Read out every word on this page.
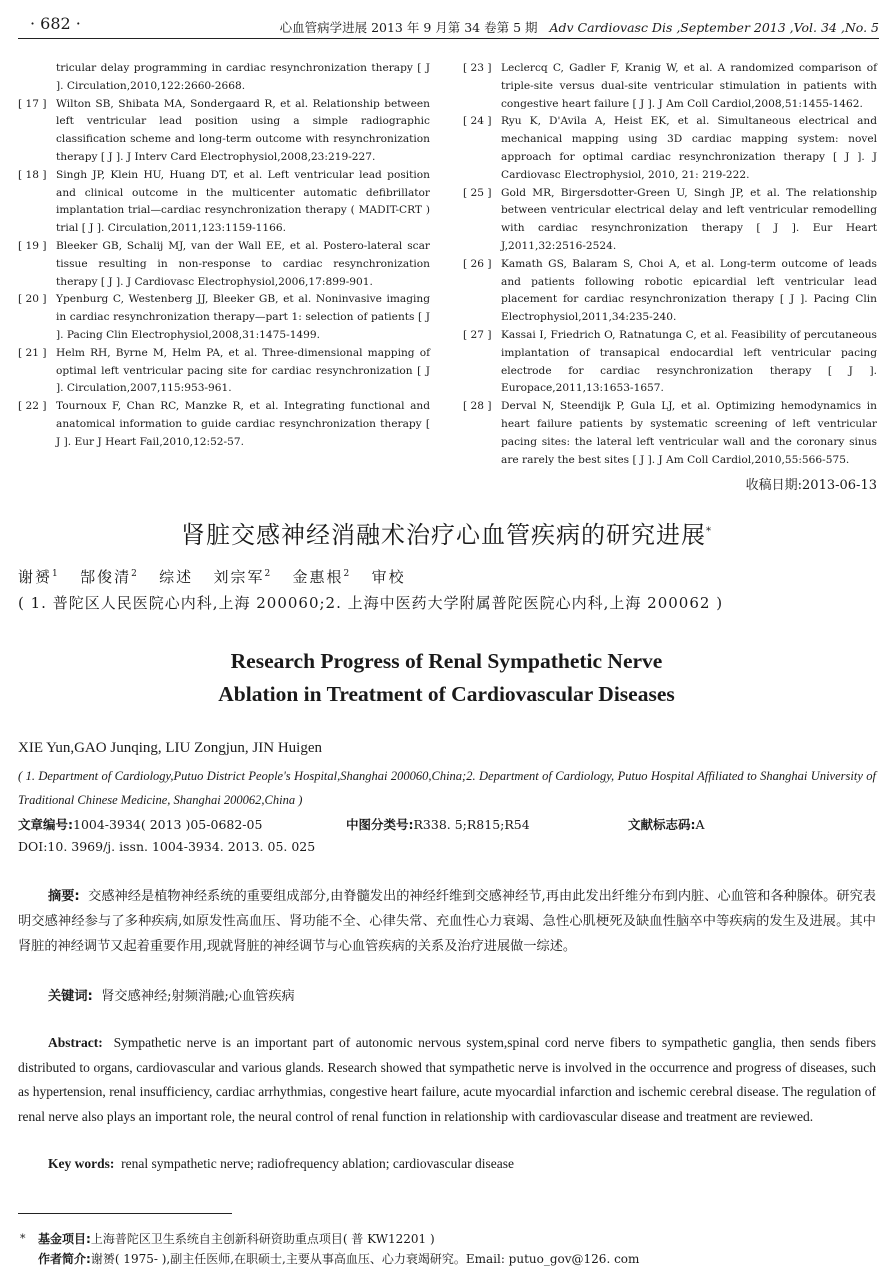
· 682 ·	心血管病学进展 2013 年 9 月第 34 卷第 5 期 Adv Cardiovasc Dis ,September 2013 ,Vol. 34 ,No. 5
tricular delay programming in cardiac resynchronization therapy [ J ]. Circulation,2010,122:2660-2668.
[ 17 ] Wilton SB, Shibata MA, Sondergaard R, et al. Relationship between left ventricular lead position using a simple radiographic classification scheme and long-term outcome with resynchronization therapy [ J ]. J Interv Card Electrophysiol,2008,23:219-227.
[ 18 ] Singh JP, Klein HU, Huang DT, et al. Left ventricular lead position and clinical outcome in the multicenter automatic defibrillator implantation trial—cardiac resynchronization therapy ( MADIT-CRT ) trial [ J ]. Circulation,2011,123:1159-1166.
[ 19 ] Bleeker GB, Schalij MJ, van der Wall EE, et al. Postero-lateral scar tissue resulting in non-response to cardiac resynchronization therapy [ J ]. J Cardiovasc Electrophysiol,2006,17:899-901.
[ 20 ] Ypenburg C, Westenberg JJ, Bleeker GB, et al. Noninvasive imaging in cardiac resynchronization therapy—part 1: selection of patients [ J ]. Pacing Clin Electrophysiol,2008,31:1475-1499.
[ 21 ] Helm RH, Byrne M, Helm PA, et al. Three-dimensional mapping of optimal left ventricular pacing site for cardiac resynchronization [ J ]. Circulation,2007,115:953-961.
[ 22 ] Tournoux F, Chan RC, Manzke R, et al. Integrating functional and anatomical information to guide cardiac resynchronization therapy [ J ]. Eur J Heart Fail,2010,12:52-57.
[ 23 ] Leclercq C, Gadler F, Kranig W, et al. A randomized comparison of triple-site versus dual-site ventricular stimulation in patients with congestive heart failure [ J ]. J Am Coll Cardiol,2008,51:1455-1462.
[ 24 ] Ryu K, D'Avila A, Heist EK, et al. Simultaneous electrical and mechanical mapping using 3D cardiac mapping system: novel approach for optimal cardiac resynchronization therapy [ J ]. J Cardiovasc Electrophysiol, 2010, 21: 219-222.
[ 25 ] Gold MR, Birgersdotter-Green U, Singh JP, et al. The relationship between ventricular electrical delay and left ventricular remodelling with cardiac resynchronization therapy [ J ]. Eur Heart J,2011,32:2516-2524.
[ 26 ] Kamath GS, Balaram S, Choi A, et al. Long-term outcome of leads and patients following robotic epicardial left ventricular lead placement for cardiac resynchronization therapy [ J ]. Pacing Clin Electrophysiol,2011,34:235-240.
[ 27 ] Kassai I, Friedrich O, Ratnatunga C, et al. Feasibility of percutaneous implantation of transapical endocardial left ventricular pacing electrode for cardiac resynchronization therapy [ J ]. Europace,2011,13:1653-1657.
[ 28 ] Derval N, Steendijk P, Gula LJ, et al. Optimizing hemodynamics in heart failure patients by systematic screening of left ventricular pacing sites: the lateral left ventricular wall and the coronary sinus are rarely the best sites [ J ]. J Am Coll Cardiol,2010,55:566-575.
收稿日期:2013-06-13
肾脏交感神经消融术治疗心血管疾病的研究进展*
谢赟$^1$ 郜俊清$^2$ 综述 刘宗军$^2$ 金惠根$^2$ 审校
( 1. 普陀区人民医院心内科,上海 200060;2. 上海中医药大学附属普陀医院心内科,上海 200062 )
Research Progress of Renal Sympathetic Nerve
Ablation in Treatment of Cardiovascular Diseases
XIE Yun,GAO Junqing, LIU Zongjun, JIN Huigen
( 1. Department of Cardiology,Putuo District People's Hospital,Shanghai 200060,China;2. Department of Cardiology, Putuo Hospital Affiliated to Shanghai University of Traditional Chinese Medicine, Shanghai 200062,China )
文章编号:1004-3934( 2013 )05-0682-05	中图分类号:R338. 5;R815;R54	文献标志码:A
DOI:10. 3969/j. issn. 1004-3934. 2013. 05. 025
摘要: 交感神经是植物神经系统的重要组成部分,由脊髓发出的神经纤维到交感神经节,再由此发出纤维分布到内脏、心血管和各种腺体。研究表明交感神经参与了多种疾病,如原发性高血压、肾功能不全、心律失常、充血性心力衰竭、急性心肌梗死及缺血性脑卒中等疾病的发生及进展。其中肾脏的神经调节又起着重要作用,现就肾脏的神经调节与心血管疾病的关系及治疗进展做一综述。
关键词: 肾交感神经;射频消融;心血管疾病
Abstract: Sympathetic nerve is an important part of autonomic nervous system,spinal cord nerve fibers to sympathetic ganglia, then sends fibers distributed to organs, cardiovascular and various glands. Research showed that sympathetic nerve is involved in the occurrence and progress of diseases, such as hypertension, renal insufficiency, cardiac arrhythmias, congestive heart failure, acute myocardial infarction and ischemic cerebral disease. The regulation of renal nerve also plays an important role, the neural control of renal function in relationship with cardiovascular disease and treatment are reviewed.
Key words: renal sympathetic nerve; radiofrequency ablation; cardiovascular disease
* 基金项目:上海普陀区卫生系统自主创新科研资助重点项目( 普 KW12201 )
作者简介:谢赟( 1975- ),副主任医师,在职硕士,主要从事高血压、心力衰竭研究。Email: putuo_gov@126. com
